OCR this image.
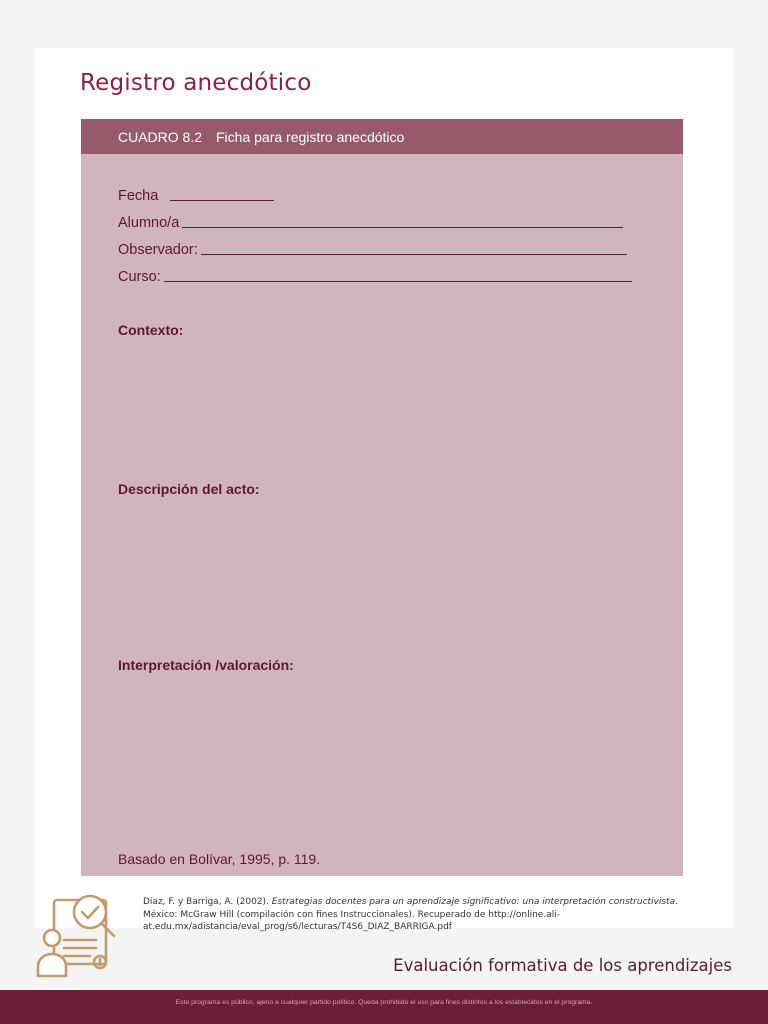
Registro anecdótico
CUADRO 8.2 Ficha para registro anecdótico
Fecha
Alumno/a
Observador:
Curso:
Contexto:
Descripción del acto:
Interpretación /valoración:
Basado en Bolívar, 1995, p. 119.
Díaz, F. y Barriga, A. (2002). Estrategias docentes para un aprendizaje significativo: una interpretación constructivista. México: McGraw Hill (compilación con fines Instruccionales). Recuperado de http://online.ali-at.edu.mx/adistancia/eval_prog/s6/lecturas/T4S6_DIAZ_BARRIGA.pdf
Evaluación formativa de los aprendizajes
Este programa es público, ajeno a cualquier partido político. Queda prohibido el uso para fines distintos a los establecidos en el programa.
